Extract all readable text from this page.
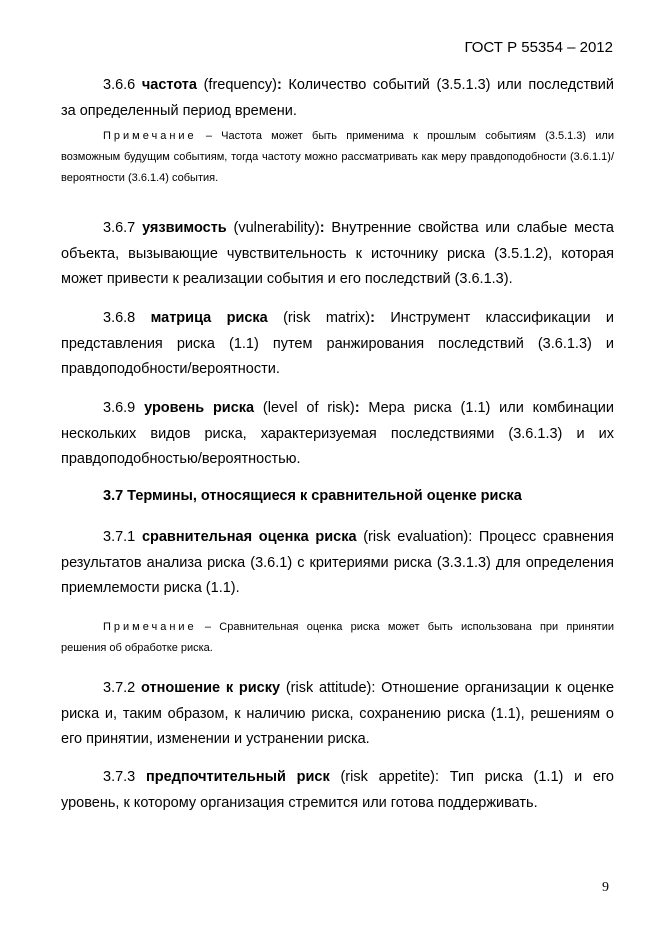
ГОСТ Р 55354 – 2012
3.6.6 частота (frequency): Количество событий (3.5.1.3) или последствий за определенный период времени.
Примечание – Частота может быть применима к прошлым событиям (3.5.1.3) или возможным будущим событиям, тогда частоту можно рассматривать как меру правдоподобности (3.6.1.1)/вероятности (3.6.1.4) события.
3.6.7 уязвимость (vulnerability): Внутренние свойства или слабые места объекта, вызывающие чувствительность к источнику риска (3.5.1.2), которая может привести к реализации события и его последствий (3.6.1.3).
3.6.8 матрица риска (risk matrix): Инструмент классификации и представления риска (1.1) путем ранжирования последствий (3.6.1.3) и правдоподобности/вероятности.
3.6.9 уровень риска (level of risk): Мера риска (1.1) или комбинации нескольких видов риска, характеризуемая последствиями (3.6.1.3) и их правдоподобностью/вероятностью.
3.7 Термины, относящиеся к сравнительной оценке риска
3.7.1 сравнительная оценка риска (risk evaluation): Процесс сравнения результатов анализа риска (3.6.1) с критериями риска (3.3.1.3) для определения приемлемости риска (1.1).
Примечание – Сравнительная оценка риска может быть использована при принятии решения об обработке риска.
3.7.2 отношение к риску (risk attitude): Отношение организации к оценке риска и, таким образом, к наличию риска, сохранению риска (1.1), решениям о его принятии, изменении и устранении риска.
3.7.3 предпочтительный риск (risk appetite): Тип риска (1.1) и его уровень, к которому организация стремится или готова поддерживать.
9
